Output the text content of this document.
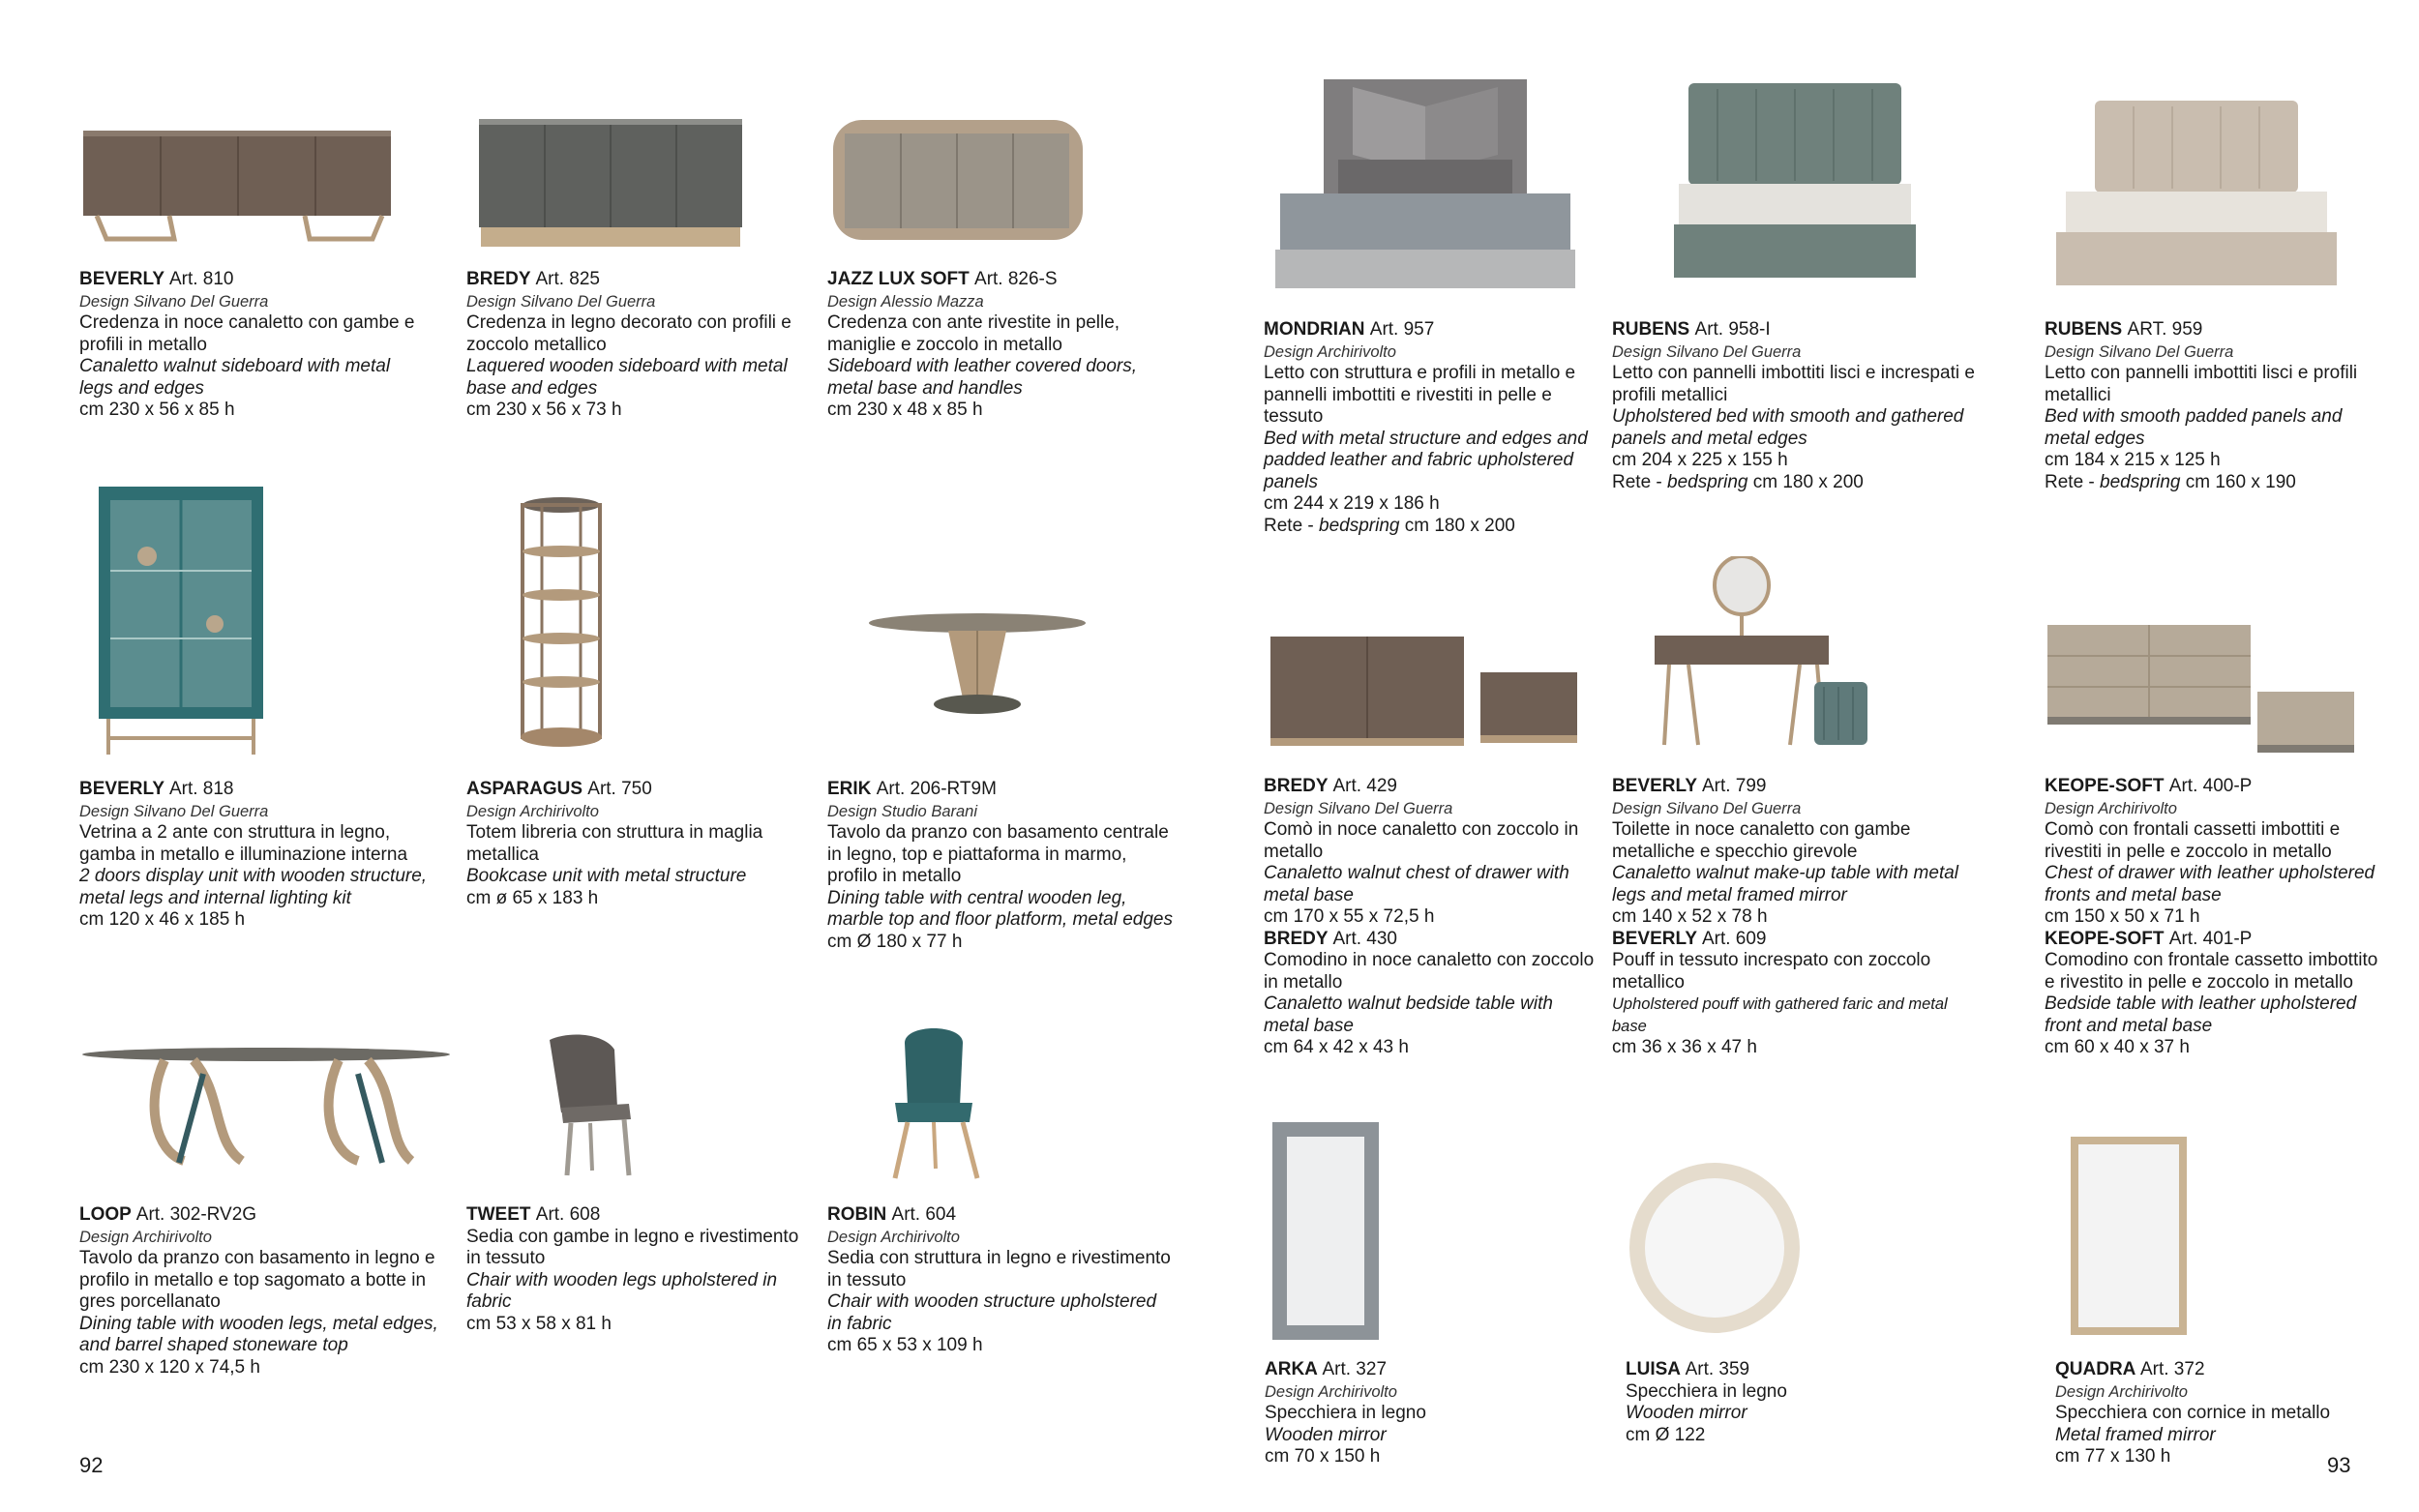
BEVERLY Art. 810
Design Silvano Del Guerra
Credenza in noce canaletto con gambe e profili in metallo
Canaletto walnut sideboard with metal legs and edges
cm 230 x 56 x 85 h
BREDY Art. 825
Design Silvano Del Guerra
Credenza in legno decorato con profili e zoccolo metallico
Laquered wooden sideboard with metal base and edges
cm 230 x 56 x 73 h
JAZZ LUX SOFT Art. 826-S
Design Alessio Mazza
Credenza con ante rivestite in pelle, maniglie e zoccolo in metallo
Sideboard with leather covered doors, metal base and handles
cm 230 x 48 x 85 h
BEVERLY Art. 818
Design Silvano Del Guerra
Vetrina a 2 ante con struttura in legno, gamba in metallo e illuminazione interna
2 doors display unit with wooden structure, metal legs and internal lighting kit
cm 120 x 46 x 185 h
ASPARAGUS Art. 750
Design Archirivolto
Totem libreria con struttura in maglia metallica
Bookcase unit with metal structure
cm ø 65 x 183 h
ERIK Art. 206-RT9M
Design Studio Barani
Tavolo da pranzo con basamento centrale in legno, top e piattaforma in marmo, profilo in metallo
Dining table with central wooden leg, marble top and floor platform, metal edges
cm Ø 180 x 77 h
LOOP Art. 302-RV2G
Design Archirivolto
Tavolo da pranzo con basamento in legno e profilo in metallo e top sagomato a botte in gres porcellanato
Dining table with wooden legs, metal edges, and barrel shaped stoneware top
cm 230 x 120 x 74,5 h
TWEET Art. 608
Sedia con gambe in legno e rivestimento in tessuto
Chair with wooden legs upholstered in fabric
cm 53 x 58 x 81 h
ROBIN Art. 604
Design Archirivolto
Sedia con struttura in legno e rivestimento in tessuto
Chair with wooden structure upholstered in fabric
cm 65 x 53 x 109 h
92
MONDRIAN Art. 957
Design Archirivolto
Letto con struttura e profili in metallo e pannelli imbottiti e rivestiti in pelle e tessuto
Bed with metal structure and edges and padded leather and fabric upholstered panels
cm 244 x 219 x 186 h
Rete - bedspring cm 180 x 200
RUBENS Art. 958-I
Design Silvano Del Guerra
Letto con pannelli imbottiti lisci e increspati e profili metallici
Upholstered bed with smooth and gathered panels and metal edges
cm 204 x 225 x 155 h
Rete - bedspring cm 180 x 200
RUBENS ART. 959
Design Silvano Del Guerra
Letto con pannelli imbottiti lisci e profili metallici
Bed with smooth padded panels and metal edges
cm 184 x 215 x 125 h
Rete - bedspring cm 160 x 190
BREDY Art. 429
Design Silvano Del Guerra
Comò in noce canaletto con zoccolo in metallo
Canaletto walnut chest of drawer with metal base
cm 170 x 55 x 72,5 h
BREDY Art. 430
Comodino in noce canaletto con zoccolo in metallo
Canaletto walnut bedside table with metal base
cm 64 x 42 x 43 h
BEVERLY Art. 799
Design Silvano Del Guerra
Toilette in noce canaletto con gambe metalliche e specchio girevole
Canaletto walnut make-up table with metal legs and metal framed mirror
cm 140 x 52 x 78 h
BEVERLY Art. 609
Pouff in tessuto increspato con zoccolo metallico
Upholstered pouff with gathered faric and metal base
cm 36 x 36 x 47 h
KEOPE-SOFT Art. 400-P
Design Archirivolto
Comò con frontali cassetti imbottiti e rivestiti in pelle e zoccolo in metallo
Chest of drawer with leather upholstered fronts and metal base
cm 150 x 50 x 71 h
KEOPE-SOFT Art. 401-P
Comodino con frontale cassetto imbottito e rivestito in pelle e zoccolo in metallo
Bedside table with leather upholstered front and metal base
cm 60 x 40 x 37 h
ARKA Art. 327
Design Archirivolto
Specchiera in legno
Wooden mirror
cm 70 x 150 h
LUISA Art. 359
Specchiera in legno
Wooden mirror
cm Ø 122
QUADRA Art. 372
Design Archirivolto
Specchiera con cornice in metallo
Metal framed mirror
cm 77 x 130 h	93
